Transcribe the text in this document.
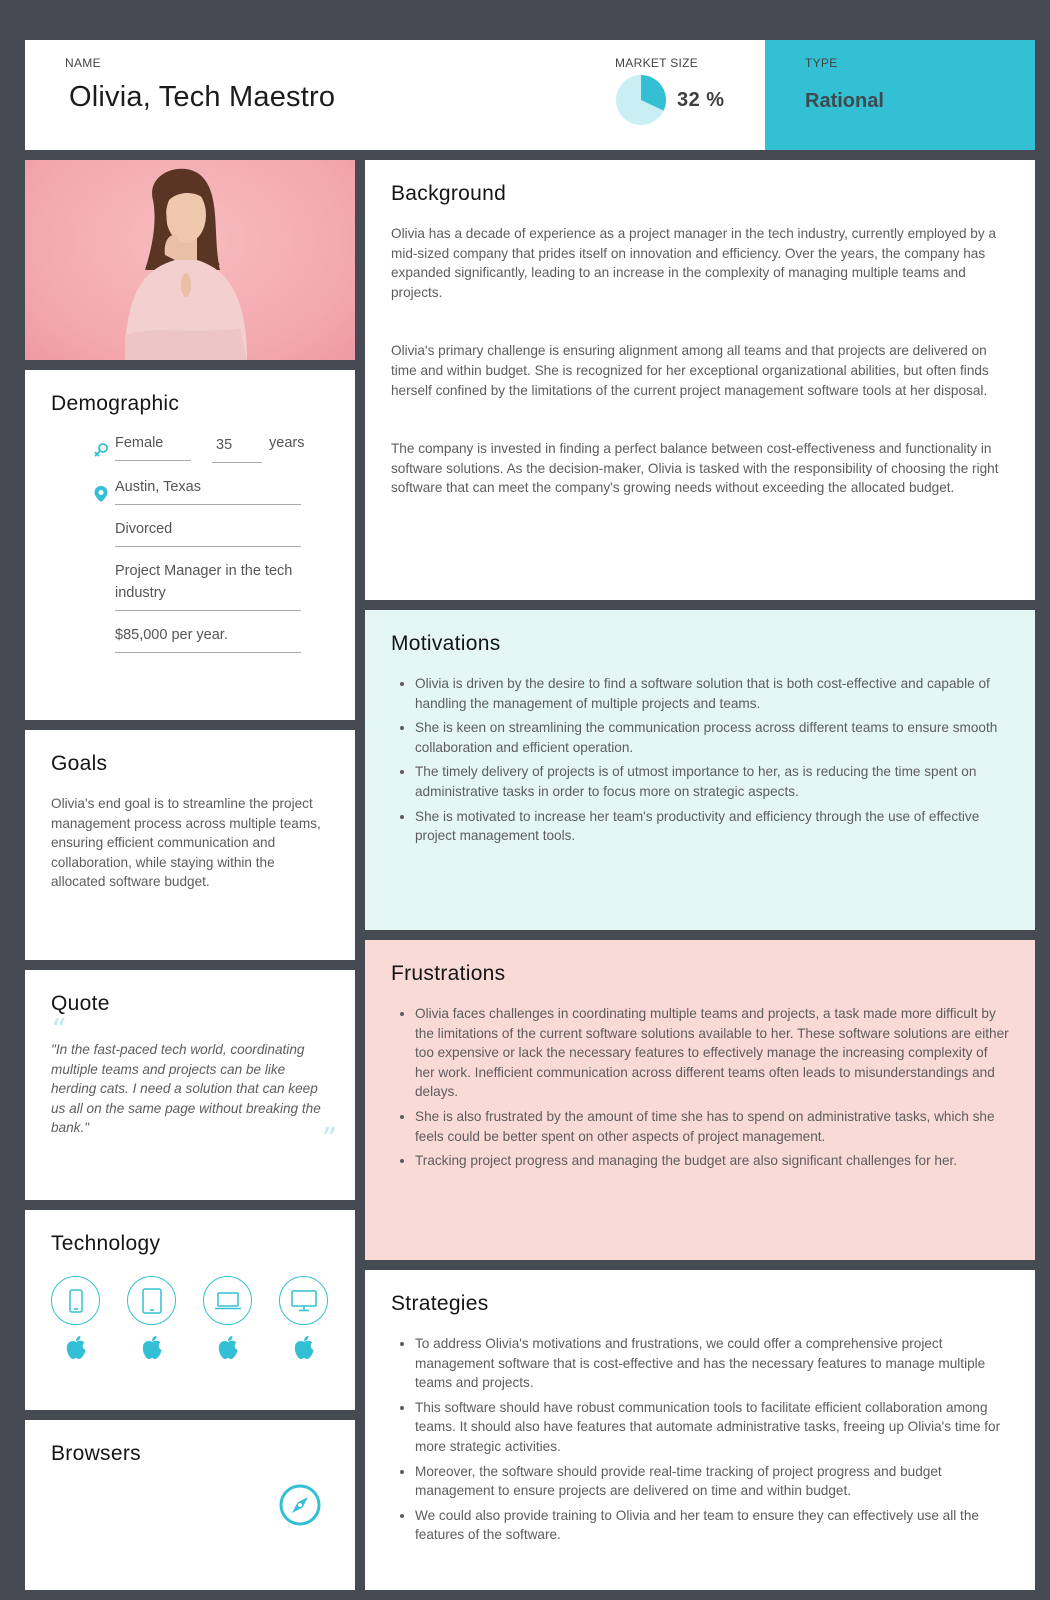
NAME
Olivia, Tech Maestro
MARKET SIZE
32 %
TYPE
Rational
Demographic
Female	35	years
Austin, Texas
Divorced
Project Manager in the tech industry
$85,000 per year.
Goals

Olivia's end goal is to streamline the project management process across multiple teams, ensuring efficient communication and collaboration, while staying within the allocated software budget.

Quote
“

"In the fast-paced tech world, coordinating multiple teams and projects can be like herding cats. I need a solution that can keep us all on the same page without breaking the bank."	”
Technology
Browsers
Background

Olivia has a decade of experience as a project manager in the tech industry, currently employed by a mid-sized company that prides itself on innovation and efficiency. Over the years, the company has expanded significantly, leading to an increase in the complexity of managing multiple teams and projects.

Olivia's primary challenge is ensuring alignment among all teams and that projects are delivered on time and within budget. She is recognized for her exceptional organizational abilities, but often finds herself confined by the limitations of the current project management software tools at her disposal.

The company is invested in finding a perfect balance between cost-effectiveness and functionality in software solutions. As the decision-maker, Olivia is tasked with the responsibility of choosing the right software that can meet the company's growing needs without exceeding the allocated budget.

Motivations
• Olivia is driven by the desire to find a software solution that is both cost-effective and capable of handling the management of multiple projects and teams.
• She is keen on streamlining the communication process across different teams to ensure smooth collaboration and efficient operation.
• The timely delivery of projects is of utmost importance to her, as is reducing the time spent on administrative tasks in order to focus more on strategic aspects.
• She is motivated to increase her team's productivity and efficiency through the use of effective project management tools.
Frustrations
• Olivia faces challenges in coordinating multiple teams and projects, a task made more difficult by the limitations of the current software solutions available to her. These software solutions are either too expensive or lack the necessary features to effectively manage the increasing complexity of her work. Inefficient communication across different teams often leads to misunderstandings and delays.
• She is also frustrated by the amount of time she has to spend on administrative tasks, which she feels could be better spent on other aspects of project management.
• Tracking project progress and managing the budget are also significant challenges for her.
Strategies
• To address Olivia's motivations and frustrations, we could offer a comprehensive project management software that is cost-effective and has the necessary features to manage multiple teams and projects.
• This software should have robust communication tools to facilitate efficient collaboration among teams. It should also have features that automate administrative tasks, freeing up Olivia's time for more strategic activities.
• Moreover, the software should provide real-time tracking of project progress and budget management to ensure projects are delivered on time and within budget.
• We could also provide training to Olivia and her team to ensure they can effectively use all the features of the software.
